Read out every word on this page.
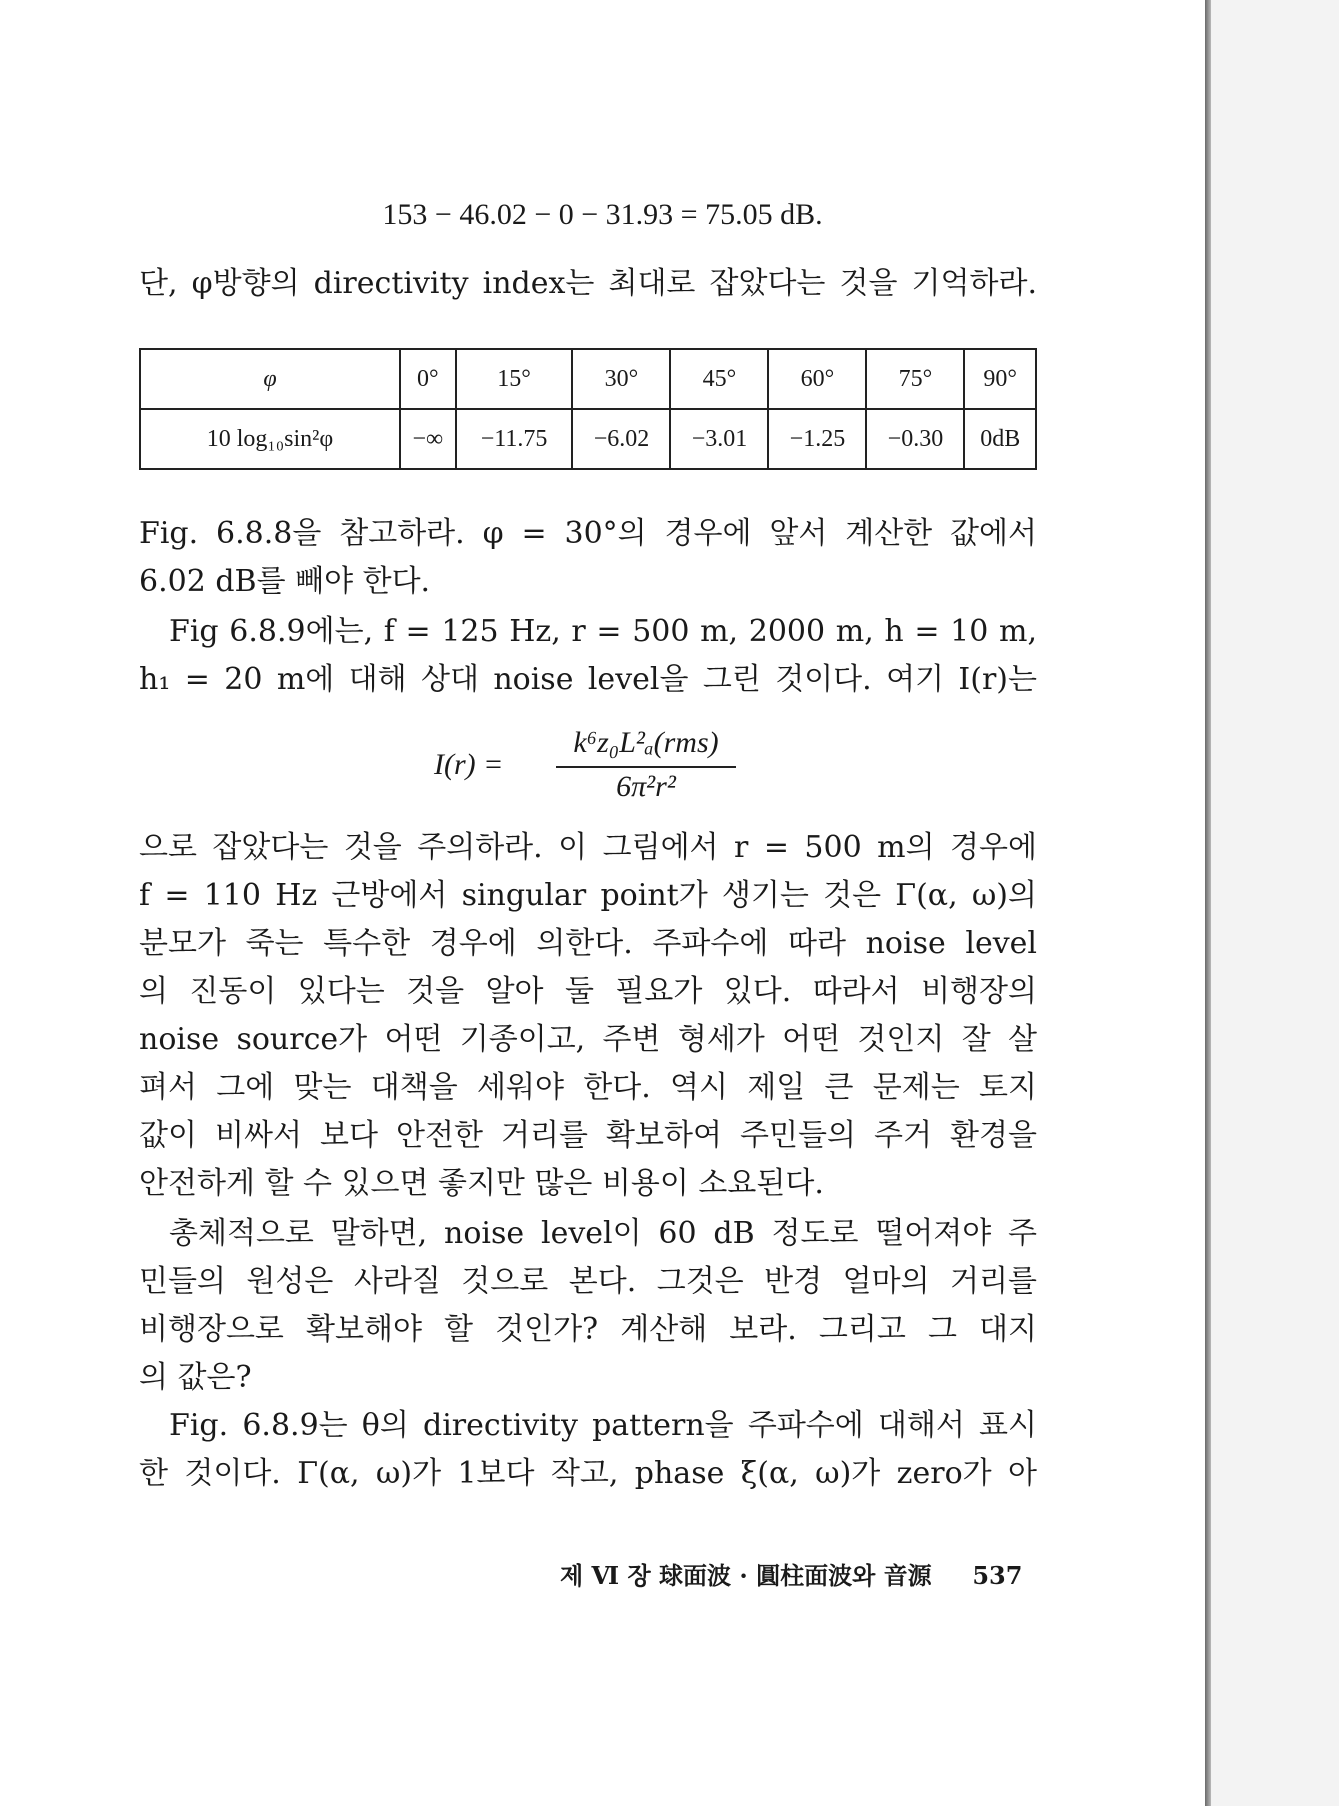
153 − 46.02 − 0 − 31.93 = 75.05 dB.
단, φ방향의 directivity index는 최대로 잡았다는 것을 기억하라.
φ	0°	15°	30°	45°	60°	75°	90°
10 log₁₀sin²φ	−∞	−11.75	−6.02	−3.01	−1.25	−0.30	0dB
Fig. 6.8.8을 참고하라. φ = 30°의 경우에 앞서 계산한 값에서
6.02 dB를 빼야 한다.
Fig 6.8.9에는, f = 125 Hz, r = 500 m, 2000 m, h = 10 m,
h₁ = 20 m에 대해 상대 noise level을 그린 것이다. 여기 I(r)는
I(r) =
k⁶z₀L²ₐ(rms)
6π²r²
으로 잡았다는 것을 주의하라. 이 그림에서 r = 500 m의 경우에
f = 110 Hz 근방에서 singular point가 생기는 것은 Γ(α, ω)의
분모가 죽는 특수한 경우에 의한다. 주파수에 따라 noise level
의 진동이 있다는 것을 알아 둘 필요가 있다. 따라서 비행장의
noise source가 어떤 기종이고, 주변 형세가 어떤 것인지 잘 살
펴서 그에 맞는 대책을 세워야 한다. 역시 제일 큰 문제는 토지
값이 비싸서 보다 안전한 거리를 확보하여 주민들의 주거 환경을
안전하게 할 수 있으면 좋지만 많은 비용이 소요된다.
총체적으로 말하면, noise level이 60 dB 정도로 떨어져야 주
민들의 원성은 사라질 것으로 본다. 그것은 반경 얼마의 거리를
비행장으로 확보해야 할 것인가? 계산해 보라. 그리고 그 대지
의 값은?
Fig. 6.8.9는 θ의 directivity pattern을 주파수에 대해서 표시
한 것이다. Γ(α, ω)가 1보다 작고, phase ξ(α, ω)가 zero가 아
제 Ⅵ 장 球面波 · 圓柱面波와 音源 537
